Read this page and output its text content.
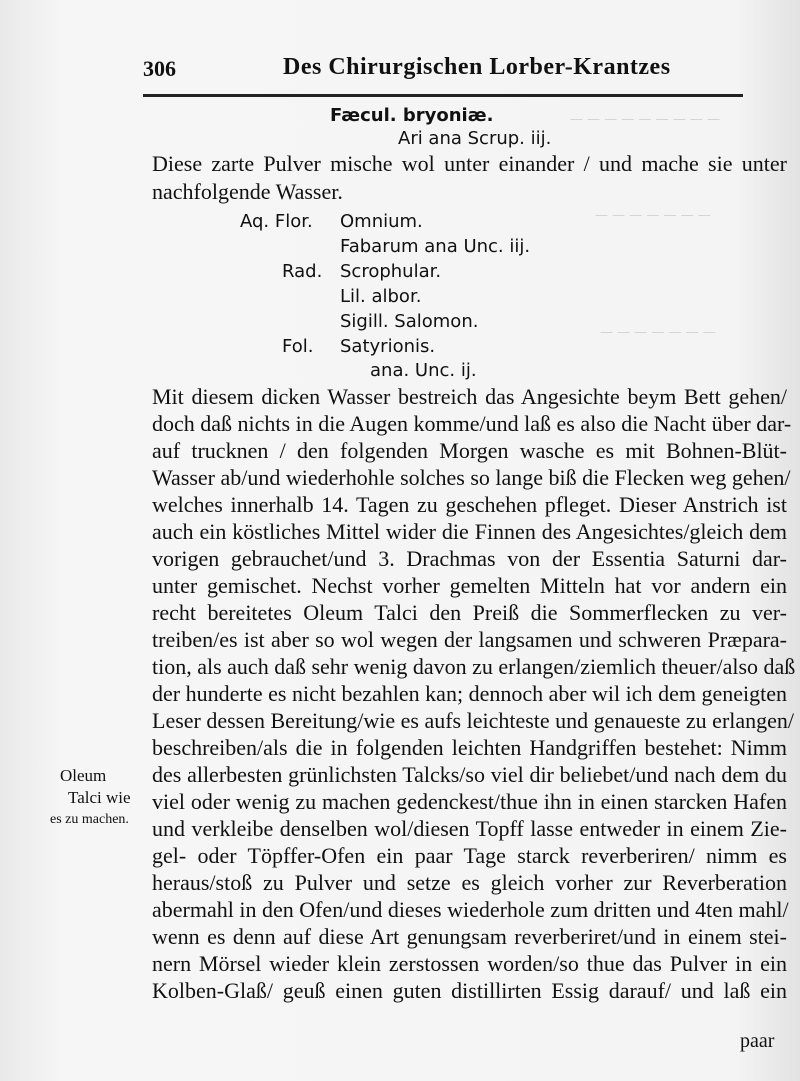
— — — — — — — — —
— — — — — — —
— — — — — — —
306	Des Chirurgischen Lorber-Krantzes
Fæcul. bryoniæ.
Ari ana Scrup. iij.
Diese zarte Pulver mische wol unter einander / und mache sie unter
nachfolgende Wasser.
Aq. Flor. Omnium.
Fabarum ana Unc. iij.
Rad. Scrophular.
Lil. albor.
Sigill. Salomon.
Fol. Satyrionis.
ana. Unc. ij.
Mit diesem dicken Wasser bestreich das Angesichte beym Bett gehen/
doch daß nichts in die Augen komme/und laß es also die Nacht über dar-
auf trucknen / den folgenden Morgen wasche es mit Bohnen-Blüt-
Wasser ab/und wiederhohle solches so lange biß die Flecken weg gehen/
welches innerhalb 14. Tagen zu geschehen pfleget. Dieser Anstrich ist
auch ein köstliches Mittel wider die Finnen des Angesichtes/gleich dem
vorigen gebrauchet/und 3. Drachmas von der Essentia Saturni dar-
unter gemischet. Nechst vorher gemelten Mitteln hat vor andern ein
recht bereitetes Oleum Talci den Preiß die Sommerflecken zu ver-
treiben/es ist aber so wol wegen der langsamen und schweren Præpara-
tion, als auch daß sehr wenig davon zu erlangen/ziemlich theuer/also daß
der hunderte es nicht bezahlen kan; dennoch aber wil ich dem geneigten
Leser dessen Bereitung/wie es aufs leichteste und genaueste zu erlangen/
beschreiben/als die in folgenden leichten Handgriffen bestehet: Nimm
des allerbesten grünlichsten Talcks/so viel dir beliebet/und nach dem du
viel oder wenig zu machen gedenckest/thue ihn in einen starcken Hafen
und verkleibe denselben wol/diesen Topff lasse entweder in einem Zie-
gel- oder Töpffer-Ofen ein paar Tage starck reverberiren/ nimm es
heraus/stoß zu Pulver und setze es gleich vorher zur Reverberation
abermahl in den Ofen/und dieses wiederhole zum dritten und 4ten mahl/
wenn es denn auf diese Art genungsam reverberiret/und in einem stei-
nern Mörsel wieder klein zerstossen worden/so thue das Pulver in ein
Kolben-Glaß/ geuß einen guten distillirten Essig darauf/ und laß ein
Oleum
Talci wie
es zu machen.
paar
